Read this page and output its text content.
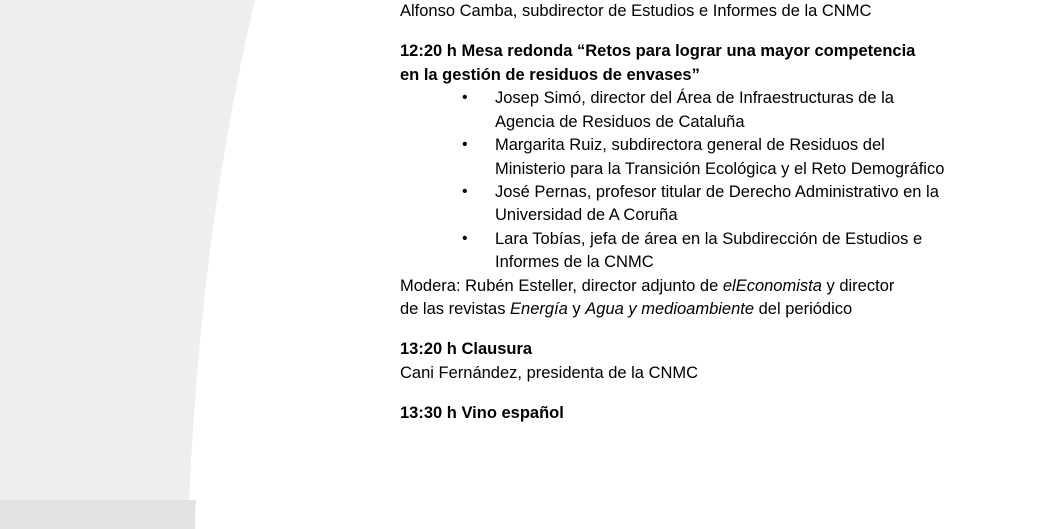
Alfonso Camba, subdirector de Estudios e Informes de la CNMC
12:20 h Mesa redonda “Retos para lograr una mayor competencia
en la gestión de residuos de envases”
• Josep Simó, director del Área de Infraestructuras de la
Agencia de Residuos de Cataluña
• Margarita Ruiz, subdirectora general de Residuos del
Ministerio para la Transición Ecológica y el Reto Demográfico
• José Pernas, profesor titular de Derecho Administrativo en la
Universidad de A Coruña
• Lara Tobías, jefa de área en la Subdirección de Estudios e
Informes de la CNMC
Modera: Rubén Esteller, director adjunto de elEconomista y director
de las revistas Energía y Agua y medioambiente del periódico
13:20 h Clausura
Cani Fernández, presidenta de la CNMC
13:30 h Vino español
